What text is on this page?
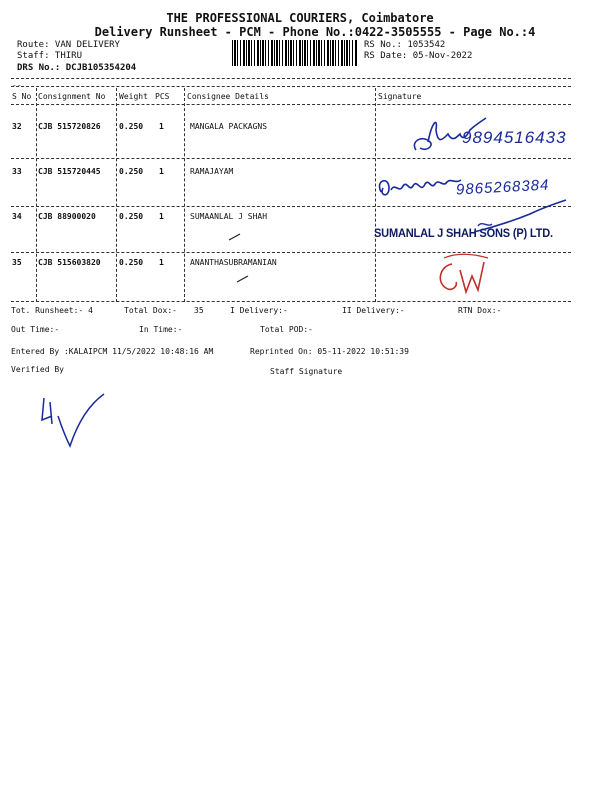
THE PROFESSIONAL COURIERS, Coimbatore
Delivery Runsheet - PCM - Phone No.:0422-3505555 - Page No.:4
Route: VAN DELIVERY
Staff: THIRU
DRS No.: DCJB105354204
RS No.: 1053542
RS Date: 05-Nov-2022
--
S No Consignment No Weight PCS Consignee Details	Signature
32 CJB 515720826 0.250 1	MANGALA PACKAGNS
9894516433
33 CJB 515720445 0.250 1	RAMAJAYAM
9865268384
34 CJB 88900020	0.250 1	SUMAANLAL J SHAH
SUMANLAL J SHAH SONS (P) LTD.
35 CJB 515603820 0.250 1	ANANTHASUBRAMANIAN
Tot. Runsheet:- 4	Total Dox:- 35	I Delivery:-	II Delivery:-	RTN Dox:-
Out Time:-	In Time:-	Total POD:-
Entered By :KALAIPCM 11/5/2022 10:48:16 AM	Reprinted On: 05-11-2022 10:51:39
Verified By	Staff Signature
